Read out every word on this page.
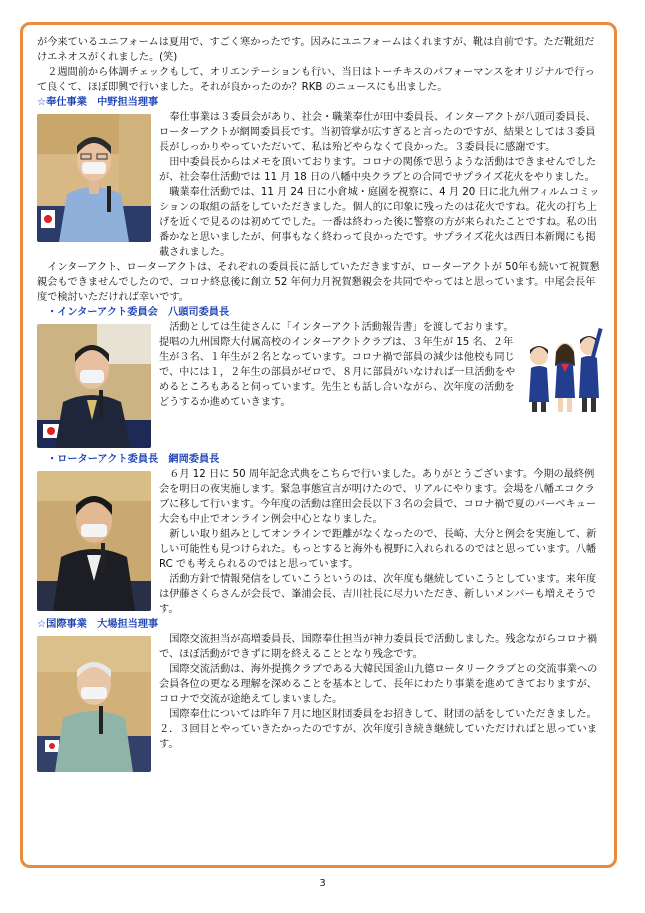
が今来ているユニフォームは夏用で、すごく寒かったです。因みにユニフォームはくれますが、靴は自前です。ただ靴紐だけエネオスがくれました。(笑)

２週間前から体調チェックもして、オリエンテーションも行い、当日はトーチキスのパフォーマンスをオリジナルで行って良くて、ほぼ即興で行いました。それが良かったのか？RKB のニュースにも出ました。

☆奉仕事業　中野担当理事

奉仕事業は３委員会があり、社会・職業奉仕が田中委員長、インターアクトが八頭司委員長、ローターアクトが網岡委員長です。当初管掌が広すぎると言ったのですが、結果としては３委員長がしっかりやっていただいて、私は殆どやらなくて良かった。３委員長に感謝です。

田中委員長からはメモを頂いております。コロナの関係で思うような活動はできませんでしたが、社会奉仕活動では 11 月 18 日の八幡中央クラブとの合同でサプライズ花火をやりました。

職業奉仕活動では、11 月 24 日に小倉城・庭園を視察に、4 月 20 日に北九州フィルムコミッションの取組の話をしていただきました。個人的に印象に残ったのは花火ですね。花火の打ち上げを近くで見るのは初めてでした。一番は終わった後に警察の方が来られたことですね。私の出番かなと思いましたが、何事もなく終わって良かったです。サプライズ花火は西日本新聞にも掲載されました。

インターアクト、ローターアクトは、それぞれの委員長に話していただきますが、ローターアクトが 50年も続いて祝賀懇親会もできませんでしたので、コロナ終息後に創立 52 年何力月祝賀懇親会を共同でやってはと思っています。中尾会長年度で検討いただければ幸いです。

・インターアクト委員会　八頭司委員長

活動としては生徒さんに「インターアクト活動報告書」を渡しております。提唱の九州国際大付属高校のインターアクトクラブは、３年生が 15 名、２年生が３名、１年生が２名となっています。コロナ禍で部員の減少は他校も同じで、中には１，２年生の部員がゼロで、８月に部員がいなければ一旦活動をやめるところもあると伺っています。先生とも話し合いながら、次年度の活動をどうするか進めていきます。

・ローターアクト委員長　網岡委員長

６月 12 日に 50 周年記念式典をこちらで行いました。ありがとうございます。今期の最終例会を明日の夜実施します。緊急事態宣言が明けたので、リアルにやります。会場を八幡エコクラブに移して行います。今年度の活動は窪田会長以下３名の会員で、コロナ禍で夏のバーベキュー大会も中止でオンライン例会中心となりました。

新しい取り組みとしてオンラインで距離がなくなったので、長崎、大分と例会を実施して、新しい可能性も見つけられた。もっとすると海外も視野に入れられるのではと思っています。八幡 RC でも考えられるのではと思っています。

活動方針で情報発信をしていこうというのは、次年度も継続していこうとしています。来年度は伊藤さくらさんが会長で、峯浦会長、吉川社長に尽力いただき、新しいメンバーも増えそうです。

☆国際事業　大場担当理事

国際交流担当が高増委員長、国際奉仕担当が神力委員長で活動しました。残念ながらコロナ禍で、ほぼ活動ができずに期を終えることとなり残念です。

国際交流活動は、海外提携クラブである大韓民国釜山九德ロータリークラブとの交流事業への会員各位の更なる理解を深めることを基本として、長年にわたり事業を進めてきておりますが、コロナで交流が途絶えてしまいました。

国際奉仕については昨年７月に地区財団委員をお招きして、財団の話をしていただきました。２．３回目とやっていきたかったのですが、次年度引き続き継続していただければと思っています。

3
